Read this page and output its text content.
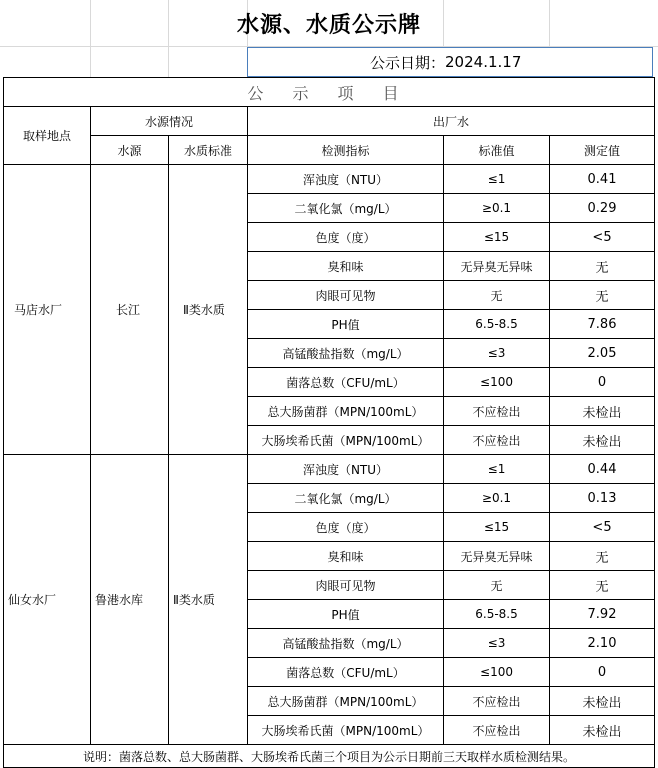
水源、水质公示牌
公示日期： 2024.1.17
公 示 项 目					
取样地点	水源情况		出厂水		
	水源	水质标准	检测指标	标准值	测定值
马店水厂	长江	Ⅱ类水质	浑浊度（NTU）	≤1	0.41
			二氧化氯（mg/L）	≥0.1	0.29
			色度（度）	≤15	<5
			臭和味	无异臭无异味	无
			肉眼可见物	无	无
			PH值	6.5-8.5	7.86
			高锰酸盐指数（mg/L）	≤3	2.05
			菌落总数（CFU/mL）	≤100	0
			总大肠菌群（MPN/100mL）	不应检出	未检出
			大肠埃希氏菌（MPN/100mL）	不应检出	未检出
仙女水厂	鲁港水库	Ⅱ类水质	浑浊度（NTU）	≤1	0.44
			二氧化氯（mg/L）	≥0.1	0.13
			色度（度）	≤15	<5
			臭和味	无异臭无异味	无
			肉眼可见物	无	无
			PH值	6.5-8.5	7.92
			高锰酸盐指数（mg/L）	≤3	2.10
			菌落总数（CFU/mL）	≤100	0
			总大肠菌群（MPN/100mL）	不应检出	未检出
			大肠埃希氏菌（MPN/100mL）	不应检出	未检出
说明：菌落总数、总大肠菌群、大肠埃希氏菌三个项目为公示日期前三天取样水质检测结果。					
